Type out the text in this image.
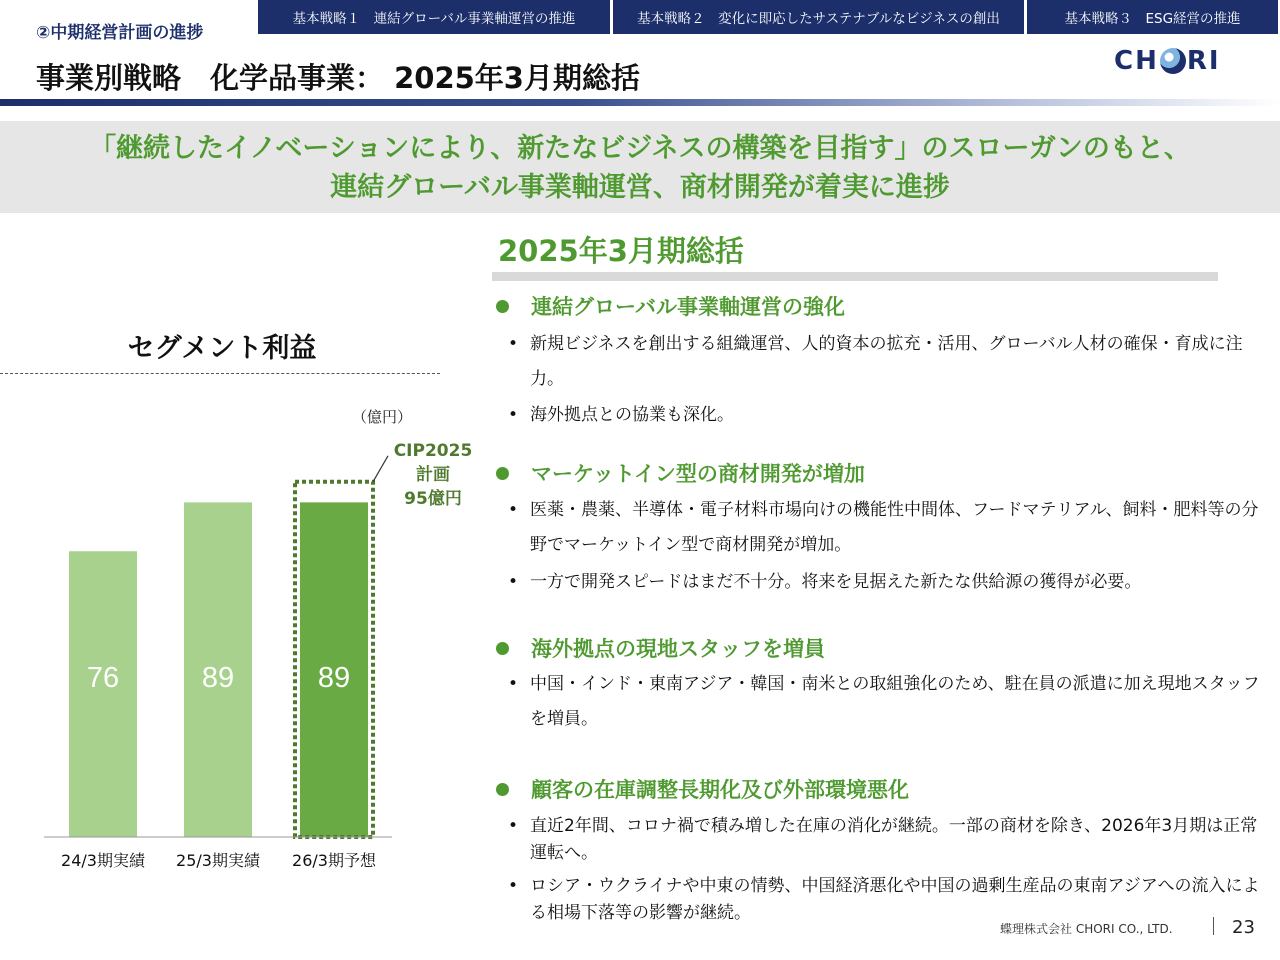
②中期経営計画の進捗
基本戦略１　連結グローバル事業軸運営の推進	基本戦略２　変化に即応したサステナブルなビジネスの創出	基本戦略３　ESG経営の推進
事業別戦略　化学品事業： 2025年3月期総括	CH RI
「継続したイノベーションにより、新たなビジネスの構築を目指す」のスローガンのもと、
連結グローバル事業軸運営、商材開発が着実に進捗
セグメント利益
（億円）
76
24/3期実績
89
25/3期実績
89
26/3期予想
CIP2025
計画
95億円
2025年3月期総括
連結グローバル事業軸運営の強化
• 新規ビジネスを創出する組織運営、人的資本の拡充・活用、グローバル人材の確保・育成に注力。
• 海外拠点との協業も深化。
マーケットイン型の商材開発が増加
• 医薬・農薬、半導体・電子材料市場向けの機能性中間体、フードマテリアル、飼料・肥料等の分野でマーケットイン型で商材開発が増加。
• 一方で開発スピードはまだ不十分。将来を見据えた新たな供給源の獲得が必要。
海外拠点の現地スタッフを増員
• 中国・インド・東南アジア・韓国・南米との取組強化のため、駐在員の派遣に加え現地スタッフを増員。
顧客の在庫調整長期化及び外部環境悪化
• 直近2年間、コロナ禍で積み増した在庫の消化が継続。一部の商材を除き、2026年3月期は正常運転へ。
• ロシア・ウクライナや中東の情勢、中国経済悪化や中国の過剰生産品の東南アジアへの流入による相場下落等の影響が継続。
蝶理株式会社 CHORI CO., LTD.	23
